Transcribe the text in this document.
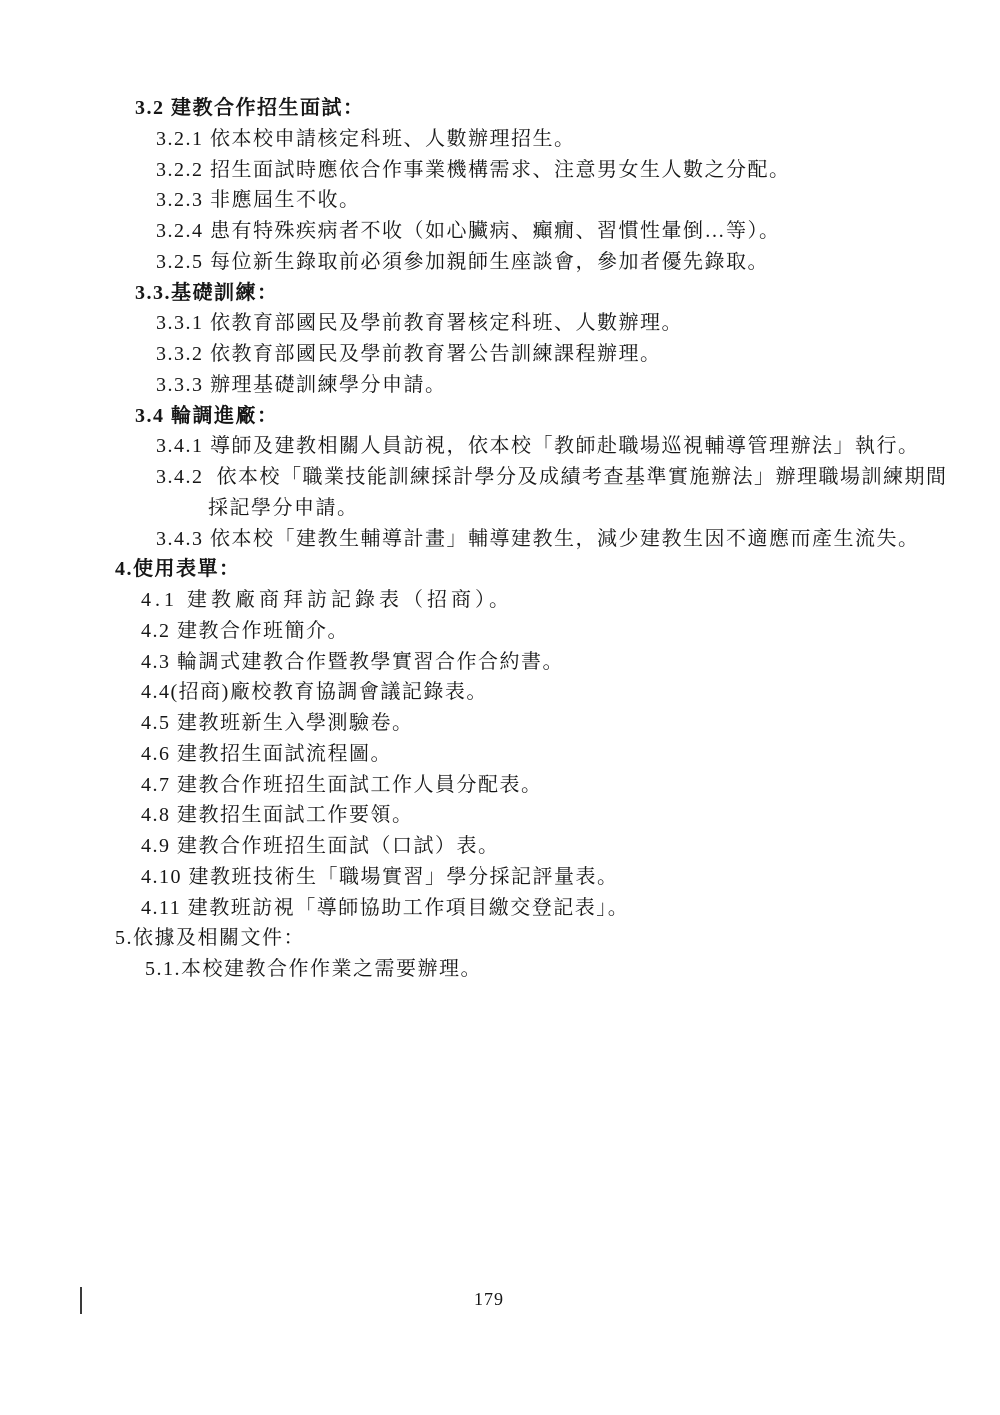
3.2 建教合作招生面試：
3.2.1 依本校申請核定科班、人數辦理招生。
3.2.2 招生面試時應依合作事業機構需求、注意男女生人數之分配。
3.2.3 非應屆生不收。
3.2.4 患有特殊疾病者不收（如心臟病、癲癇、習慣性暈倒…等）。
3.2.5 每位新生錄取前必須參加親師生座談會，參加者優先錄取。
3.3.基礎訓練：
3.3.1 依教育部國民及學前教育署核定科班、人數辦理。
3.3.2 依教育部國民及學前教育署公告訓練課程辦理。
3.3.3 辦理基礎訓練學分申請。
3.4 輪調進廠：
3.4.1 導師及建教相關人員訪視，依本校「教師赴職場巡視輔導管理辦法」執行。
3.4.2  依本校「職業技能訓練採計學分及成績考查基準實施辦法」辦理職場訓練期間
採記學分申請。
3.4.3 依本校「建教生輔導計畫」輔導建教生，減少建教生因不適應而產生流失。
4.使用表單：
4.1 建教廠商拜訪記錄表（招商）。
4.2 建教合作班簡介。
4.3 輪調式建教合作暨教學實習合作合約書。
4.4(招商)廠校教育協調會議記錄表。
4.5 建教班新生入學測驗卷。
4.6 建教招生面試流程圖。
4.7 建教合作班招生面試工作人員分配表。
4.8 建教招生面試工作要領。
4.9 建教合作班招生面試（口試）表。
4.10 建教班技術生「職場實習」學分採記評量表。
4.11 建教班訪視「導師協助工作項目繳交登記表」。
5.依據及相關文件：
5.1.本校建教合作作業之需要辦理。
179
